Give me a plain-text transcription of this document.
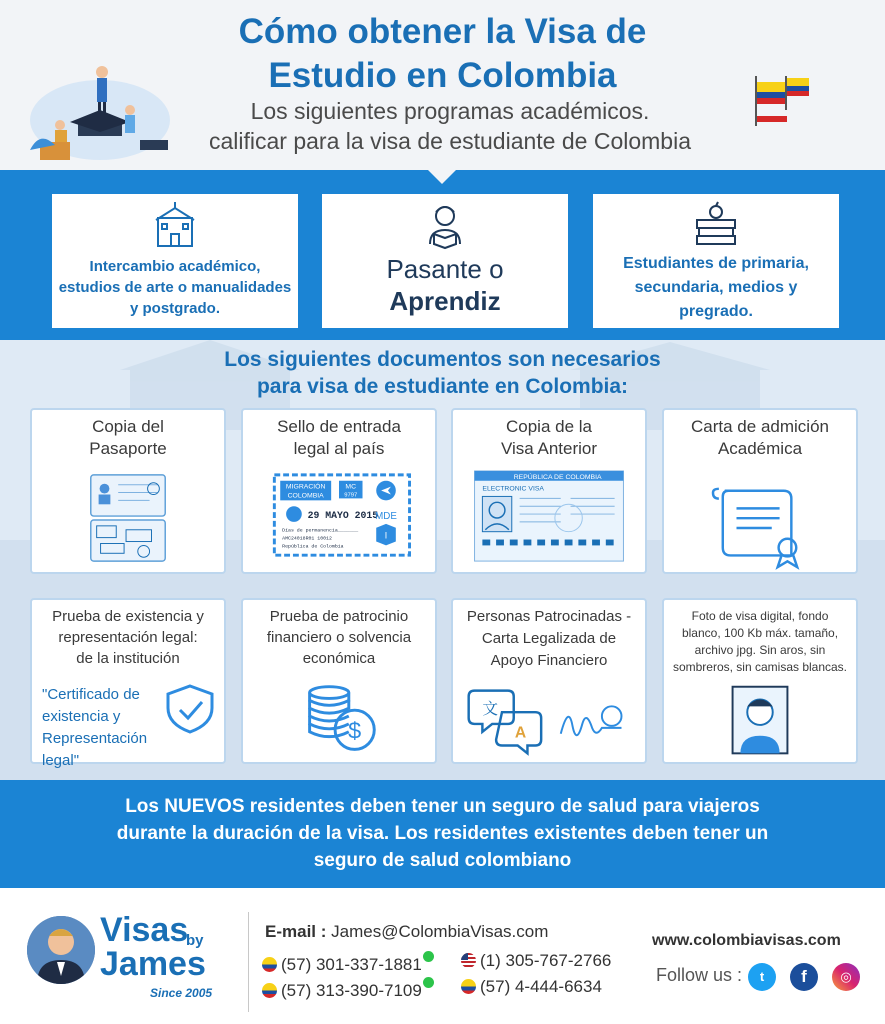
Cómo obtener la Visa de
Estudio en Colombia
Los siguientes programas académicos.
calificar para la visa de estudiante de Colombia
Intercambio académico,
estudios de arte o manualidades
y postgrado.
Pasante o
Aprendiz
Estudiantes de primaria,
secundaria, medios y
pregrado.
Los siguientes documentos son necesarios
para visa de estudiante en Colombia:
Copia del
Pasaporte
Sello de entrada
legal al país
MIGRACIÓN
COLOMBIA
MC
9797
29 MAYO 2015
MDE
I
Días de permanencia_______
AMC24018R01 10012
República de Colombia
Copia de la
Visa Anterior
REPÚBLICA DE COLOMBIA
ELECTRONIC VISA
Carta de admición
Académica
Prueba de existencia y
representación legal:
de la institución
"Certificado de
existencia y
Representación legal"
Prueba de patrocinio
financiero o solvencia
económica
$
Personas Patrocinadas -
Carta Legalizada de
Apoyo Financiero
文
A
Foto de visa digital, fondo
blanco, 100 Kb máx. tamaño,
archivo jpg. Sin aros, sin
sombreros, sin camisas blancas.
Los NUEVOS residentes deben tener un seguro de salud para viajeros
durante la duración de la visa. Los residentes existentes deben tener un
seguro de salud colombiano
Visas
by
James
Since 2005
E-mail : James@ColombiaVisas.com
(57) 301-337-1881	(1) 305-767-2766
(57) 313-390-7109	(57) 4-444-6634
www.colombiavisas.com
Follow us :	t	f	◎
